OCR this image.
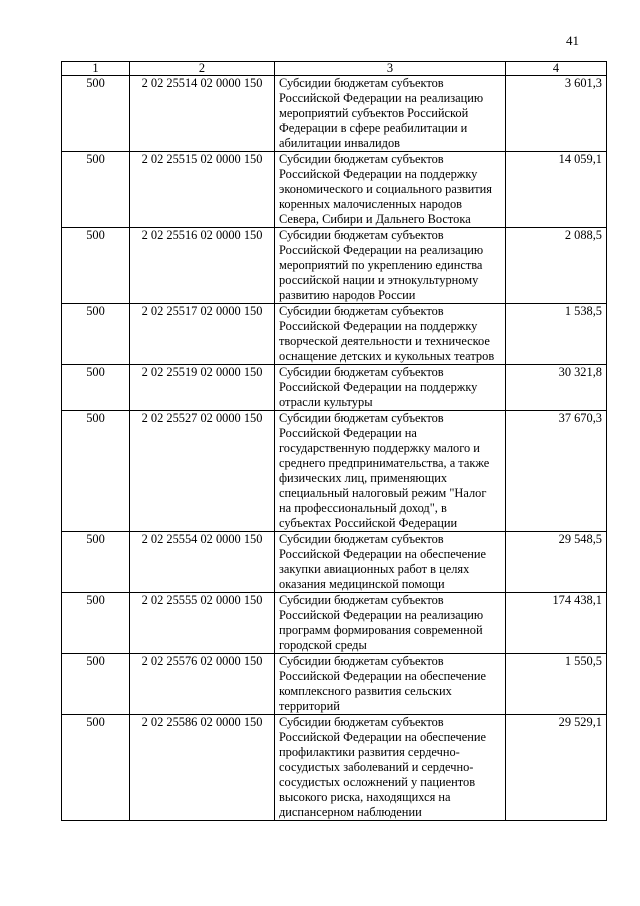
41
1	2	3	4
500	2 02 25514 02 0000 150	Субсидии бюджетам субъектов Российской Федерации на реализацию мероприятий субъектов Российской Федерации в сфере реабилитации и абилитации инвалидов	3 601,3
500	2 02 25515 02 0000 150	Субсидии бюджетам субъектов Российской Федерации на поддержку экономического и социального развития коренных малочисленных народов Севера, Сибири и Дальнего Востока	14 059,1
500	2 02 25516 02 0000 150	Субсидии бюджетам субъектов Российской Федерации на реализацию мероприятий по укреплению единства российской нации и этнокультурному развитию народов России	2 088,5
500	2 02 25517 02 0000 150	Субсидии бюджетам субъектов Российской Федерации на поддержку творческой деятельности и техническое оснащение детских и кукольных театров	1 538,5
500	2 02 25519 02 0000 150	Субсидии бюджетам субъектов Российской Федерации на поддержку отрасли культуры	30 321,8
500	2 02 25527 02 0000 150	Субсидии бюджетам субъектов Российской Федерации на государственную поддержку малого и среднего предпринимательства, а также физических лиц, применяющих специальный налоговый режим "Налог на профессиональный доход", в субъектах Российской Федерации	37 670,3
500	2 02 25554 02 0000 150	Субсидии бюджетам субъектов Российской Федерации на обеспечение закупки авиационных работ в целях оказания медицинской помощи	29 548,5
500	2 02 25555 02 0000 150	Субсидии бюджетам субъектов Российской Федерации на реализацию программ формирования современной городской среды	174 438,1
500	2 02 25576 02 0000 150	Субсидии бюджетам субъектов Российской Федерации на обеспечение комплексного развития сельских территорий	1 550,5
500	2 02 25586 02 0000 150	Субсидии бюджетам субъектов Российской Федерации на обеспечение профилактики развития сердечно-сосудистых заболеваний и сердечно-сосудистых осложнений у пациентов высокого риска, находящихся на диспансерном наблюдении	29 529,1
